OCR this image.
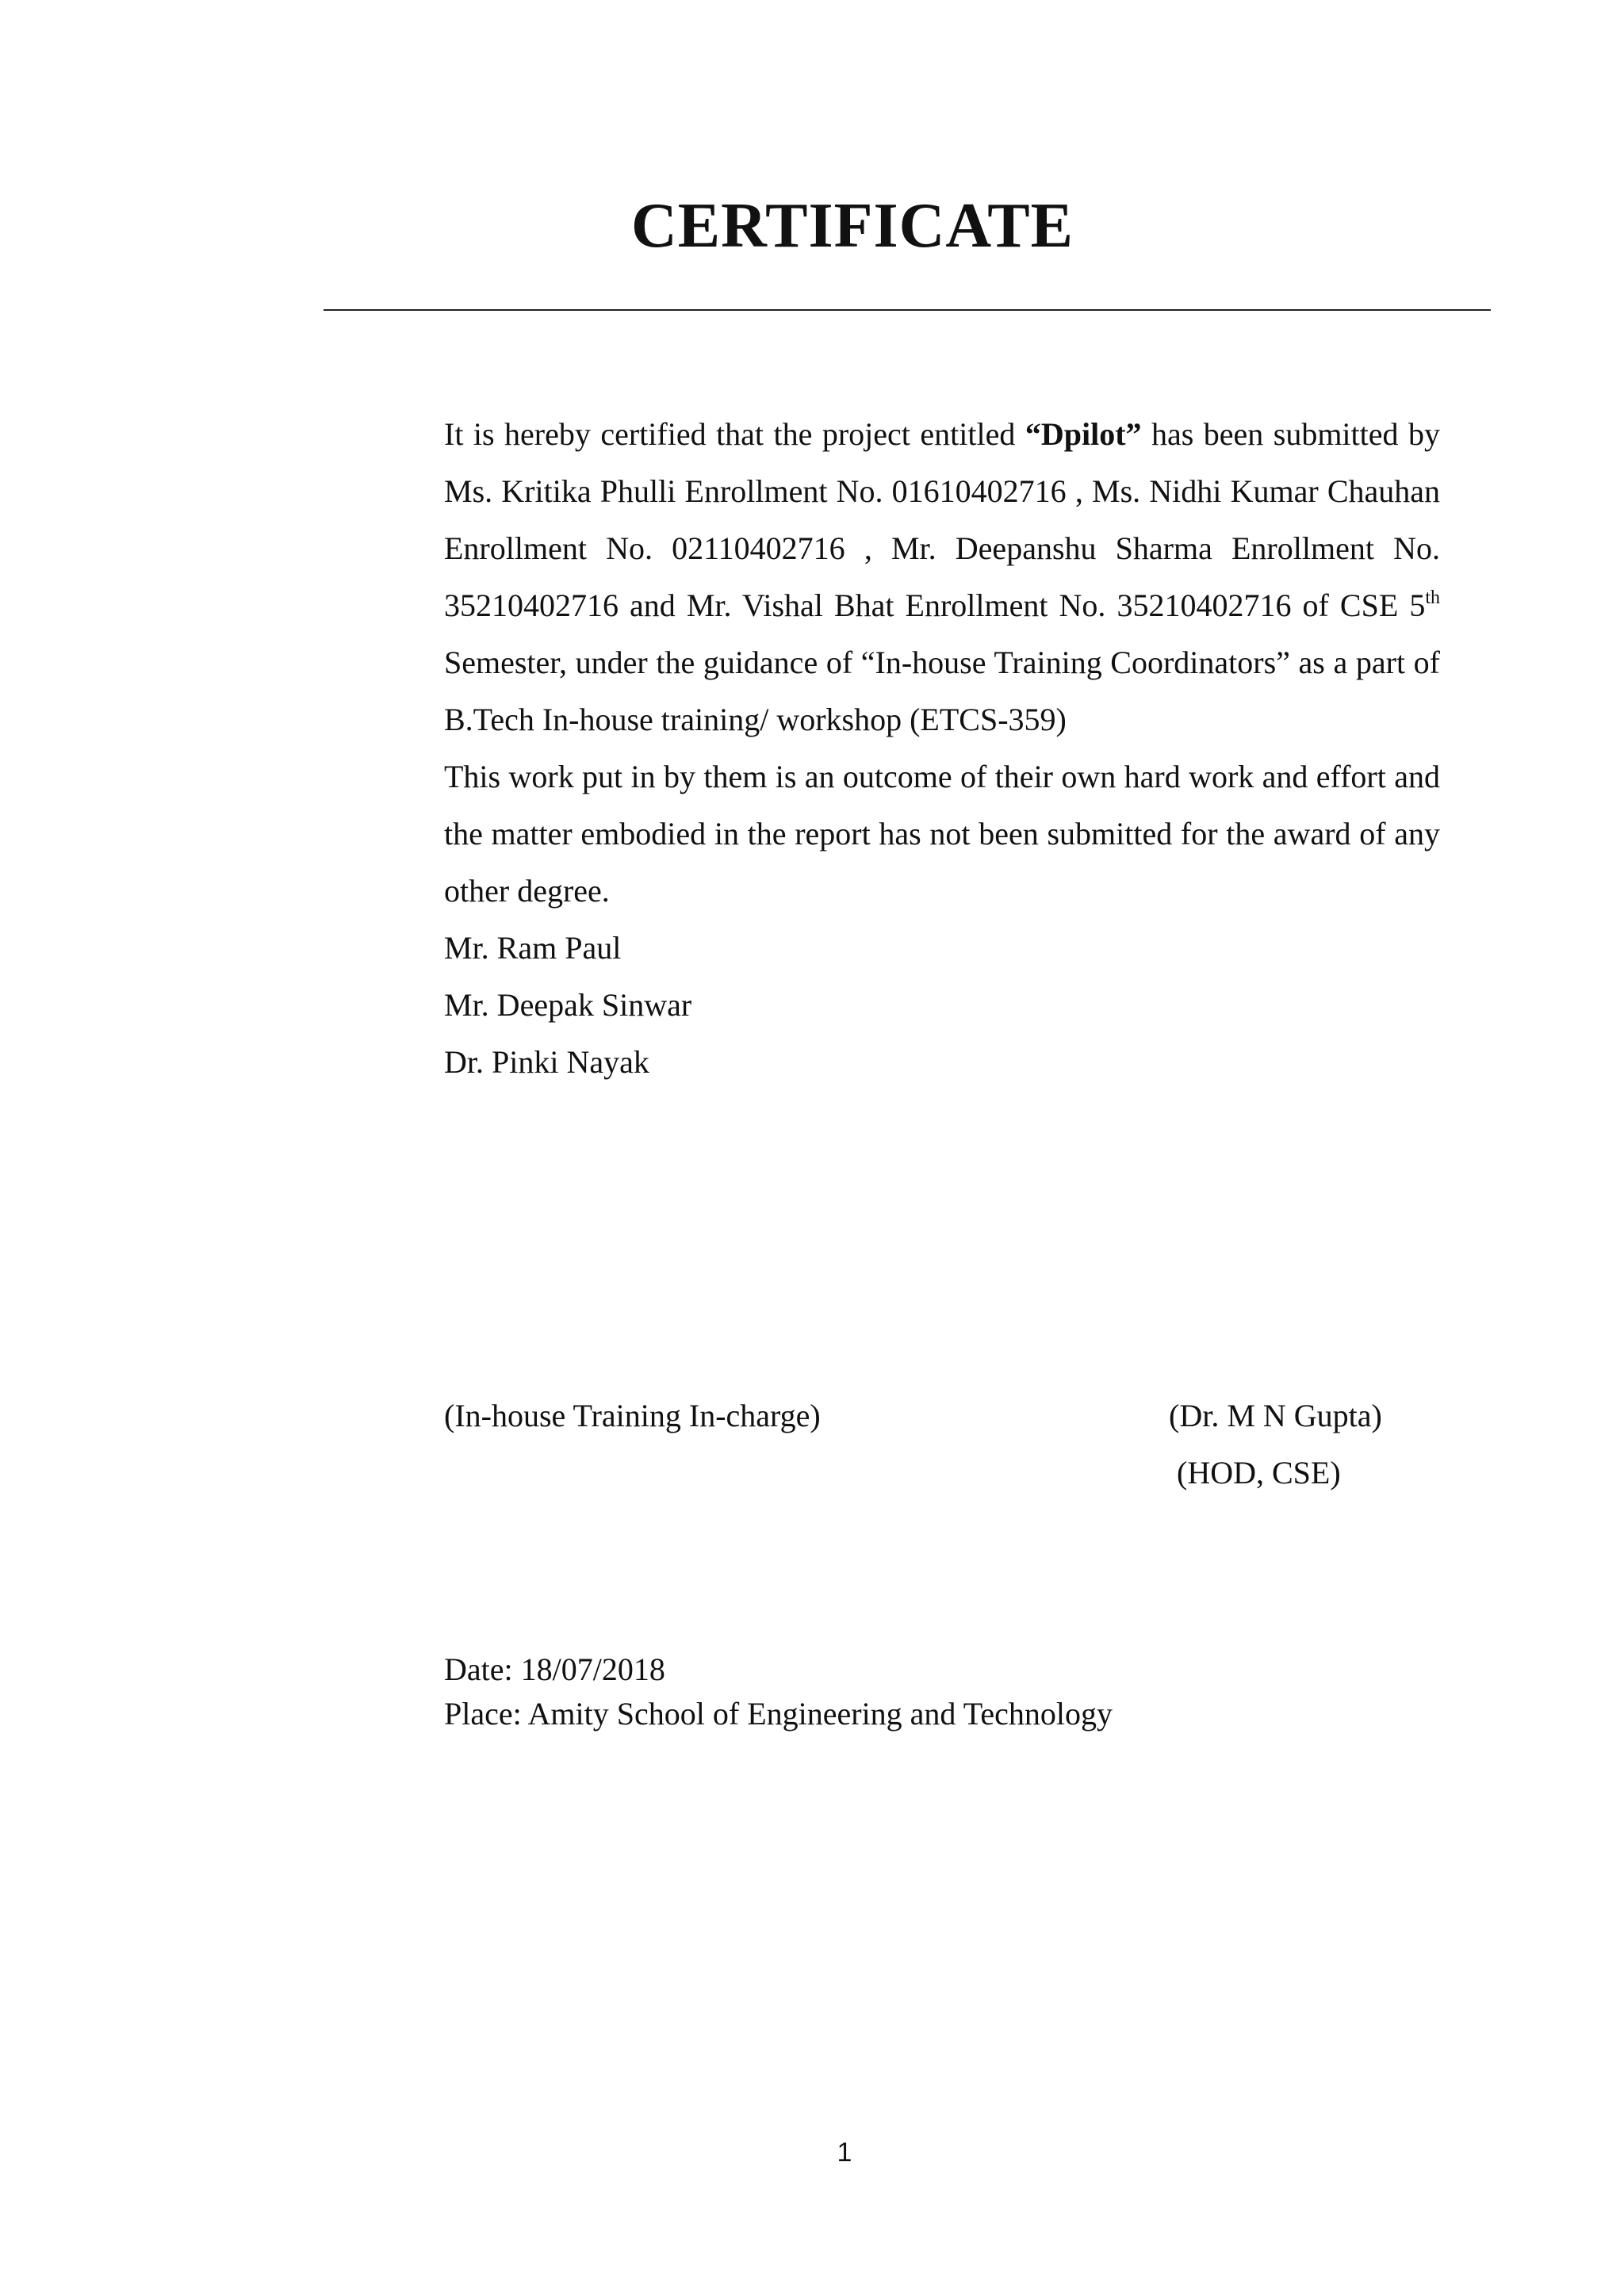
CERTIFICATE

It is hereby certified that the project entitled “Dpilot” has been submitted by Ms. Kritika Phulli Enrollment No. 01610402716 , Ms. Nidhi Kumar Chauhan Enrollment No. 02110402716 , Mr. Deepanshu Sharma Enrollment No. 35210402716 and Mr. Vishal Bhat Enrollment No. 35210402716 of CSE 5th Semester, under the guidance of “In-house Training Coordinators” as a part of B.Tech In-house training/ workshop (ETCS-359)

This work put in by them is an outcome of their own hard work and effort and the matter embodied in the report has not been submitted for the award of any other degree.

Mr. Ram Paul

Mr. Deepak Sinwar

Dr. Pinki Nayak

(In-house Training In-charge)	(Dr. M N Gupta)
(HOD, CSE)
Date: 18/07/2018
Place: Amity School of Engineering and Technology
1
